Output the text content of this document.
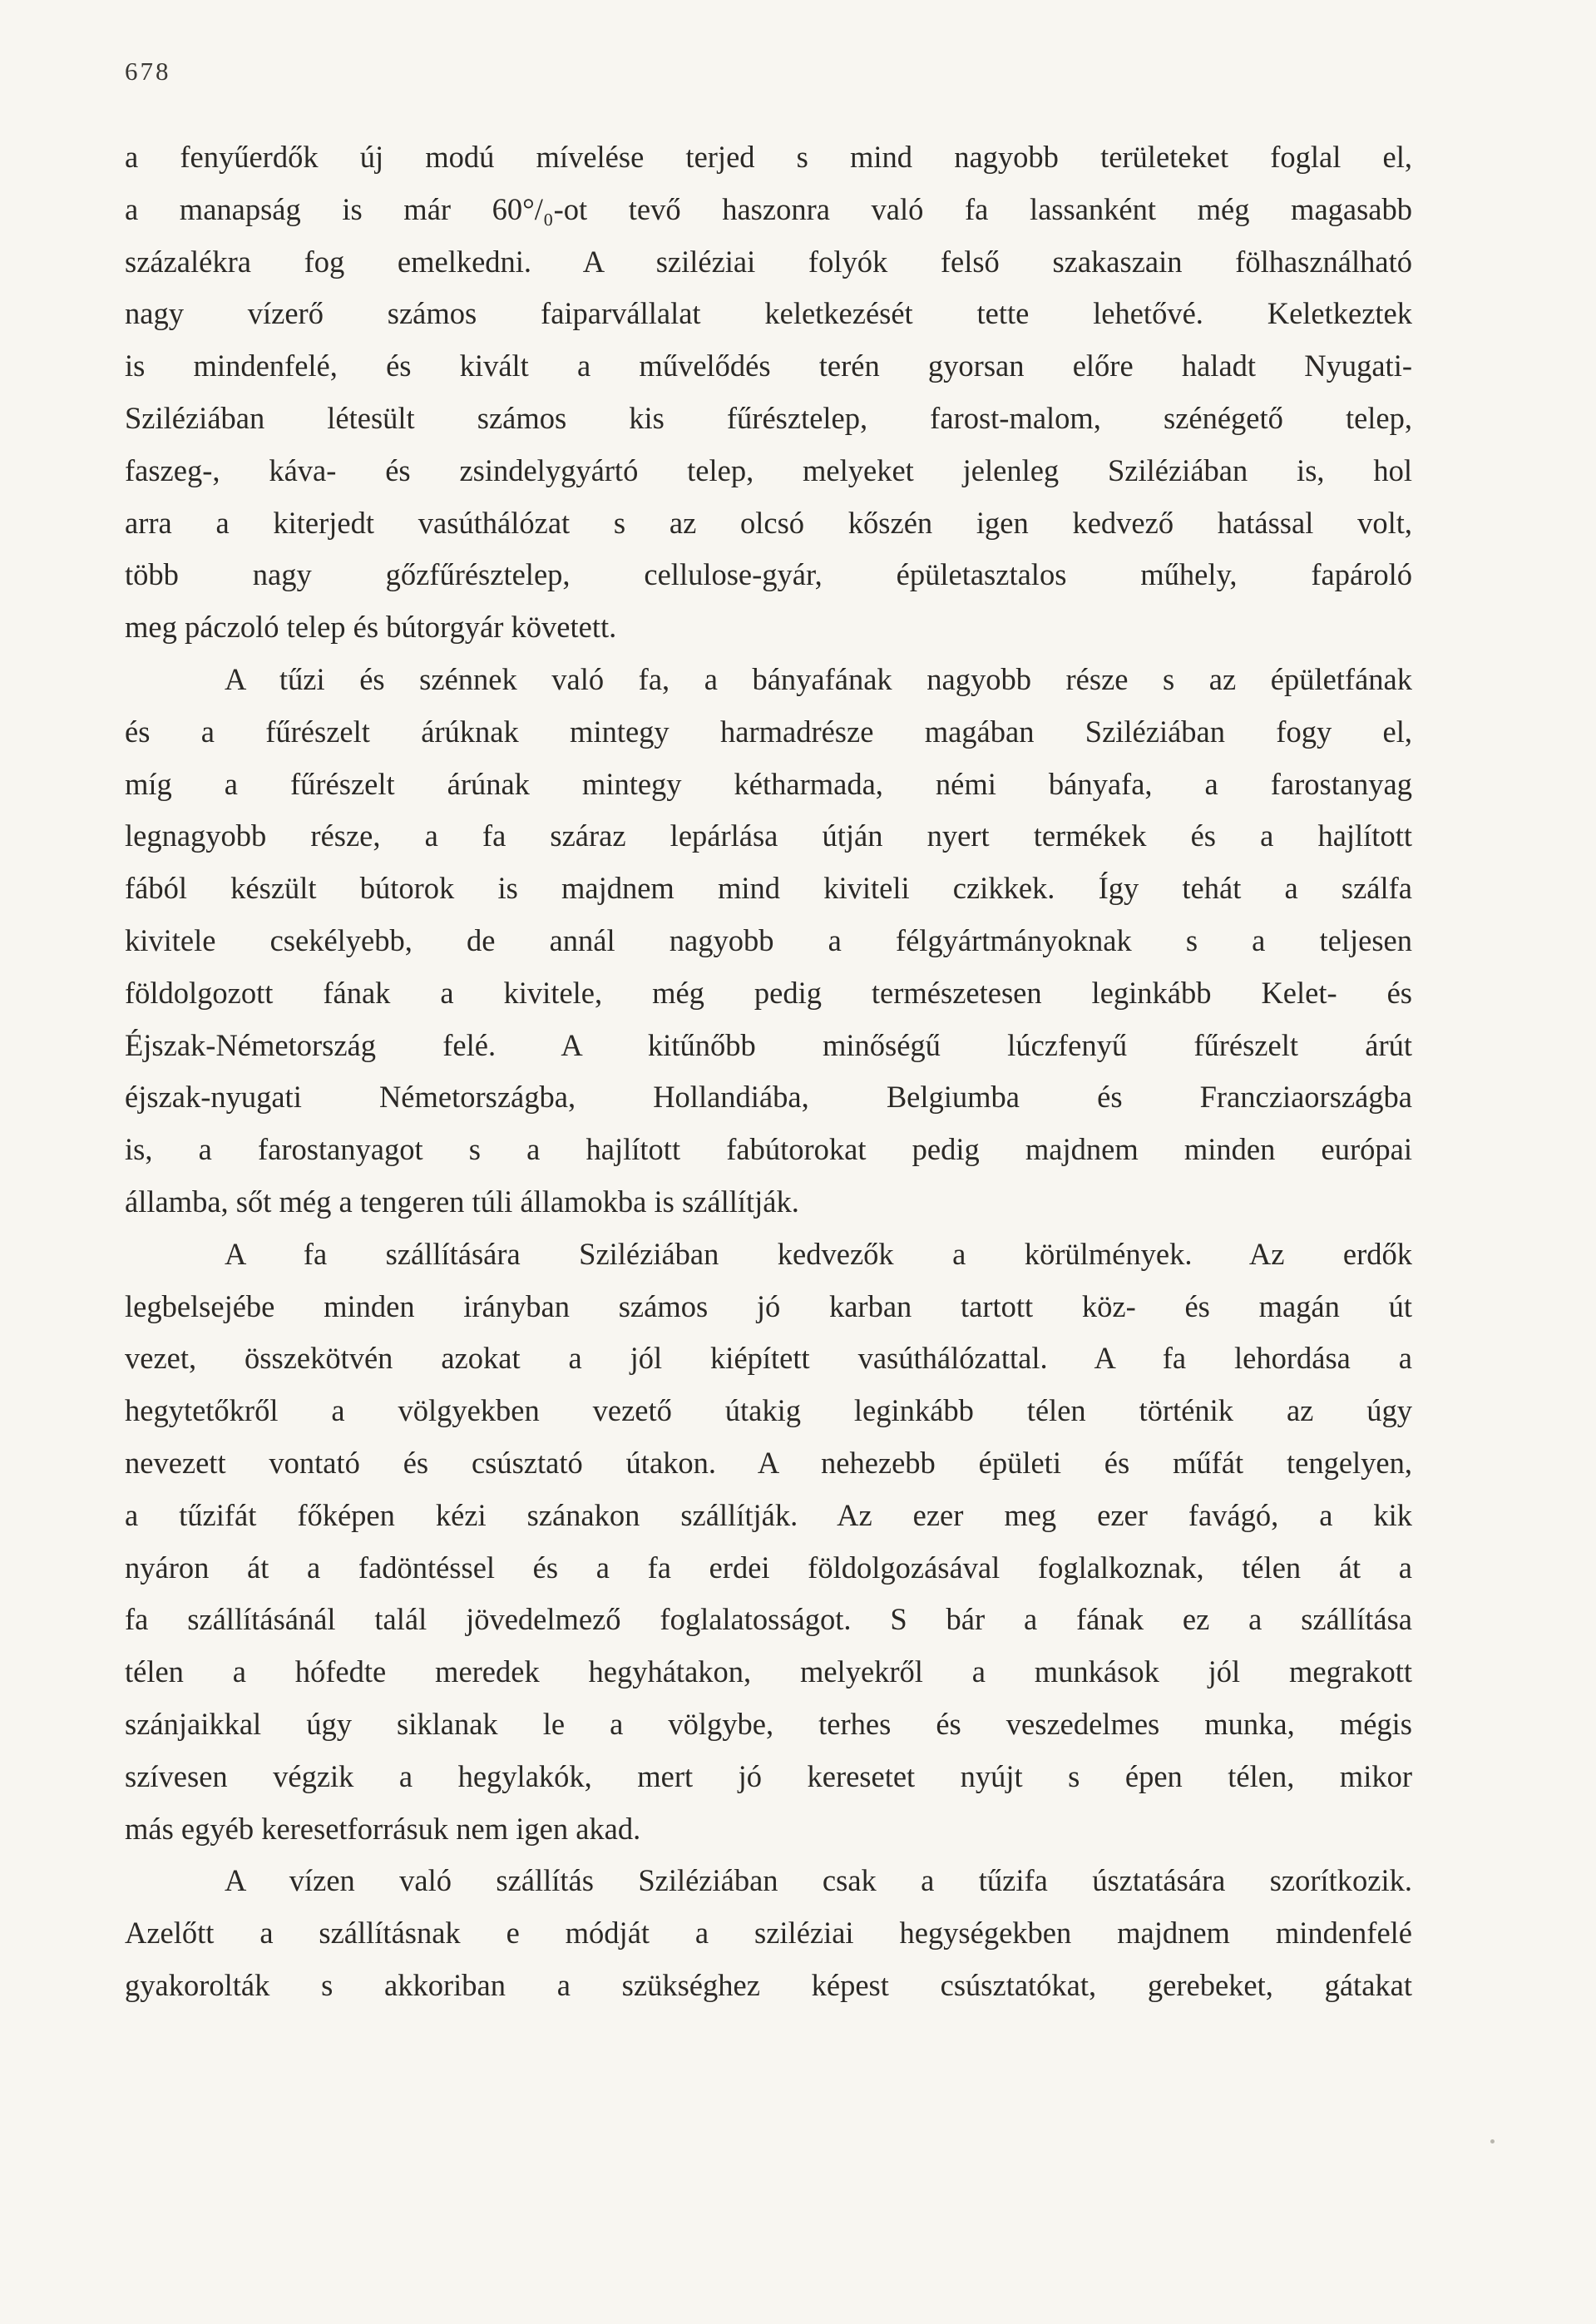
678
a fenyűerdők új modú mívelése terjed s mind nagyobb területeket foglal el,
a manapság is már 60°/₀-ot tevő haszonra való fa lassanként még magasabb
százalékra fog emelkedni. A sziléziai folyók felső szakaszain fölhasználható
nagy vízerő számos faiparvállalat keletkezését tette lehetővé. Keletkeztek
is mindenfelé, és kivált a művelődés terén gyorsan előre haladt Nyugati-
Sziléziában létesült számos kis fűrésztelep, farost-malom, szénégető telep,
faszeg-, káva- és zsindelygyártó telep, melyeket jelenleg Sziléziában is, hol
arra a kiterjedt vasúthálózat s az olcsó kőszén igen kedvező hatással volt,
több nagy gőzfűrésztelep, cellulose-gyár, épületasztalos műhely, fapároló
meg páczoló telep és bútorgyár követett.
A tűzi és szénnek való fa, a bányafának nagyobb része s az épületfának
és a fűrészelt árúknak mintegy harmadrésze magában Sziléziában fogy el,
míg a fűrészelt árúnak mintegy kétharmada, némi bányafa, a farostanyag
legnagyobb része, a fa száraz lepárlása útján nyert termékek és a hajlított
fából készült bútorok is majdnem mind kiviteli czikkek. Így tehát a szálfa
kivitele csekélyebb, de annál nagyobb a félgyártmányoknak s a teljesen
földolgozott fának a kivitele, még pedig természetesen leginkább Kelet- és
Éjszak-Németország felé. A kitűnőbb minőségű lúczfenyű fűrészelt árút
éjszak-nyugati Németországba, Hollandiába, Belgiumba és Francziaországba
is, a farostanyagot s a hajlított fabútorokat pedig majdnem minden európai
államba, sőt még a tengeren túli államokba is szállítják.
A fa szállítására Sziléziában kedvezők a körülmények. Az erdők
legbelsejébe minden irányban számos jó karban tartott köz- és magán út
vezet, összekötvén azokat a jól kiépített vasúthálózattal. A fa lehordása a
hegytetőkről a völgyekben vezető útakig leginkább télen történik az úgy
nevezett vontató és csúsztató útakon. A nehezebb épületi és műfát tengelyen,
a tűzifát főképen kézi szánakon szállítják. Az ezer meg ezer favágó, a kik
nyáron át a fadöntéssel és a fa erdei földolgozásával foglalkoznak, télen át a
fa szállításánál talál jövedelmező foglalatosságot. S bár a fának ez a szállítása
télen a hófedte meredek hegyhátakon, melyekről a munkások jól megrakott
szánjaikkal úgy siklanak le a völgybe, terhes és veszedelmes munka, mégis
szívesen végzik a hegylakók, mert jó keresetet nyújt s épen télen, mikor
más egyéb keresetforrásuk nem igen akad.
A vízen való szállítás Sziléziában csak a tűzifa úsztatására szorítkozik.
Azelőtt a szállításnak e módját a sziléziai hegységekben majdnem mindenfelé
gyakorolták s akkoriban a szükséghez képest csúsztatókat, gerebeket, gátakat
